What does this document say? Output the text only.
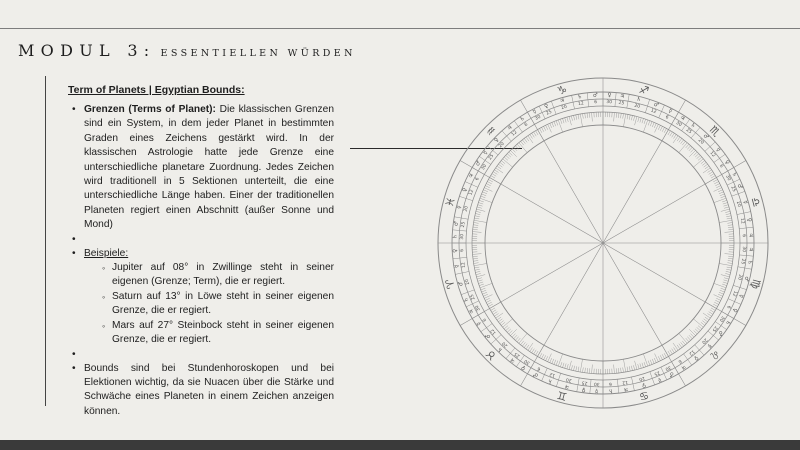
MODUL 3: ESSENTIELLEN WÜRDEN
Term of Planets | Egyptian Bounds:
• Grenzen (Terms of Planet): Die klassischen Grenzen sind ein System, in dem jeder Planet in bestimmten Graden eines Zeichens gestärkt wird. In der klassischen Astrologie hatte jede Grenze eine unterschiedliche planetare Zuordnung. Jedes Zeichen wird traditionell in 5 Sektionen unterteilt, die eine unterschiedliche Länge haben. Einer der traditionellen Planeten regiert einen Abschnitt (außer Sonne und Mond)
•
• Beispiele:
◦ Jupiter auf 08° in Zwillinge steht in seiner eigenen (Grenze; Term), die er regiert.
◦ Saturn auf 13° in Löwe steht in seiner eigenen Grenze, die er regiert.
◦ Mars auf 27° Steinbock steht in seiner eigenen Grenze, die er regiert.
•
• Bounds sind bei Stundenhoroskopen und bei Elektionen wichtig, da sie Nuacen über die Stärke und Schwäche eines Planeten in einem Zeichen anzeigen können.
♈
♉
♊	♋
♌
♍
♎
♏
♐
♑
♒
♓
♃
6
♀
12
☿
20
♂
25
♄
30
♀
6
☿
12
♂
20
♄
25
♃
30
☿
6
♂
12
♄
20
♃
25
♀
30
♂
6
♄
12
♃
20
♀
25
☿
30
♄
6
♃
12
♀
20
☿
25
♂
30
♃ 6
♀ 12
☿ 20
♂ 25
♄ 30
♀ 6
☿ 12
♂ 20
♄ 25
♃
30
☿
6
♂
12
♄
20
♃
25
♀
30
♂
6
♄
12
♃
20
♀
25
☿
30
♄
6
♃
12 ♀
20 ☿
25 ♂
30 ♃
6 ♀
12
☿
20
♂
25
♄
30
♀
6
☿
12
♂
20
♄
25
♃
30
